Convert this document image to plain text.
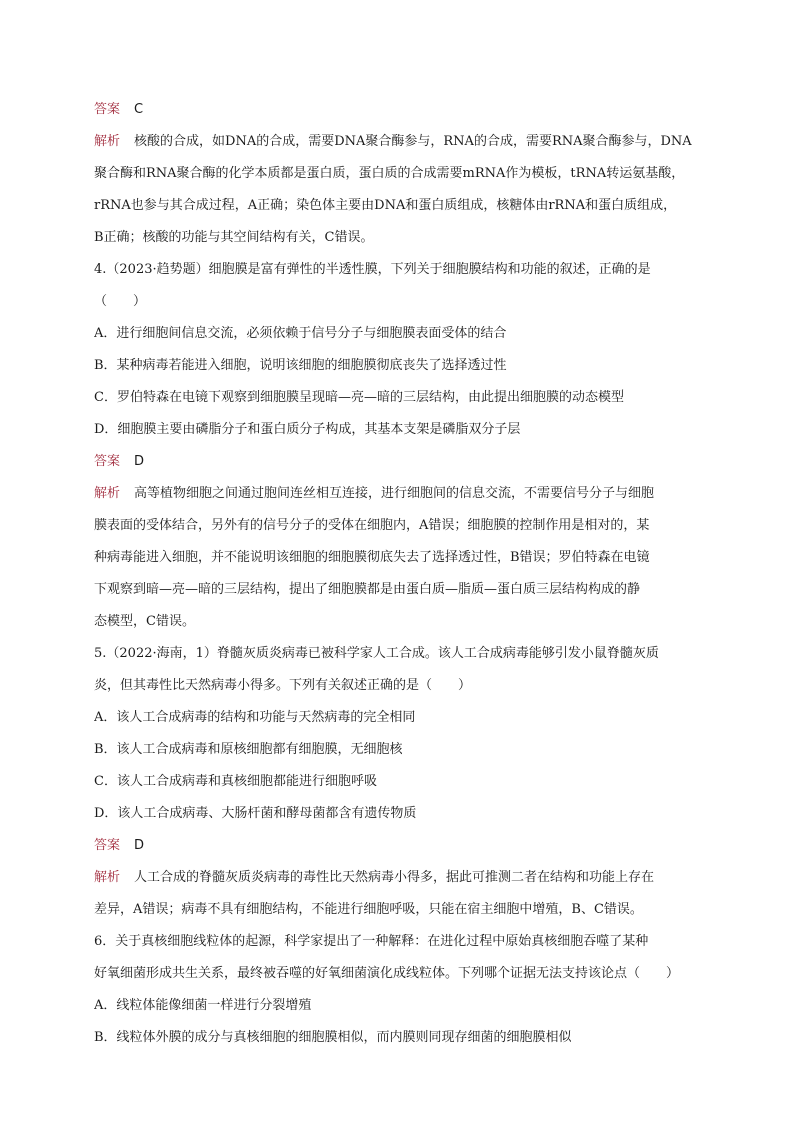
答案 C
解析 核酸的合成，如DNA的合成，需要DNA聚合酶参与，RNA的合成，需要RNA聚合酶参与，DNA
聚合酶和RNA聚合酶的化学本质都是蛋白质，蛋白质的合成需要mRNA作为模板，tRNA转运氨基酸，
rRNA也参与其合成过程，A正确；染色体主要由DNA和蛋白质组成，核糖体由rRNA和蛋白质组成，
B正确；核酸的功能与其空间结构有关，C错误。
4.（2023·趋势题）细胞膜是富有弹性的半透性膜，下列关于细胞膜结构和功能的叙述，正确的是
（　　）
A．进行细胞间信息交流，必须依赖于信号分子与细胞膜表面受体的结合
B．某种病毒若能进入细胞，说明该细胞的细胞膜彻底丧失了选择透过性
C．罗伯特森在电镜下观察到细胞膜呈现暗—亮—暗的三层结构，由此提出细胞膜的动态模型
D．细胞膜主要由磷脂分子和蛋白质分子构成，其基本支架是磷脂双分子层
答案 D
解析 高等植物细胞之间通过胞间连丝相互连接，进行细胞间的信息交流，不需要信号分子与细胞
膜表面的受体结合，另外有的信号分子的受体在细胞内，A错误；细胞膜的控制作用是相对的，某
种病毒能进入细胞，并不能说明该细胞的细胞膜彻底失去了选择透过性，B错误；罗伯特森在电镜
下观察到暗—亮—暗的三层结构，提出了细胞膜都是由蛋白质—脂质—蛋白质三层结构构成的静
态模型，C错误。
5.（2022·海南，1）脊髓灰质炎病毒已被科学家人工合成。该人工合成病毒能够引发小鼠脊髓灰质
炎，但其毒性比天然病毒小得多。下列有关叙述正确的是（　　）
A．该人工合成病毒的结构和功能与天然病毒的完全相同
B．该人工合成病毒和原核细胞都有细胞膜，无细胞核
C．该人工合成病毒和真核细胞都能进行细胞呼吸
D．该人工合成病毒、大肠杆菌和酵母菌都含有遗传物质
答案 D
解析 人工合成的脊髓灰质炎病毒的毒性比天然病毒小得多，据此可推测二者在结构和功能上存在
差异，A错误；病毒不具有细胞结构，不能进行细胞呼吸，只能在宿主细胞中增殖，B、C错误。
6．关于真核细胞线粒体的起源，科学家提出了一种解释：在进化过程中原始真核细胞吞噬了某种
好氧细菌形成共生关系，最终被吞噬的好氧细菌演化成线粒体。下列哪个证据无法支持该论点（　　）
A．线粒体能像细菌一样进行分裂增殖
B．线粒体外膜的成分与真核细胞的细胞膜相似，而内膜则同现存细菌的细胞膜相似
